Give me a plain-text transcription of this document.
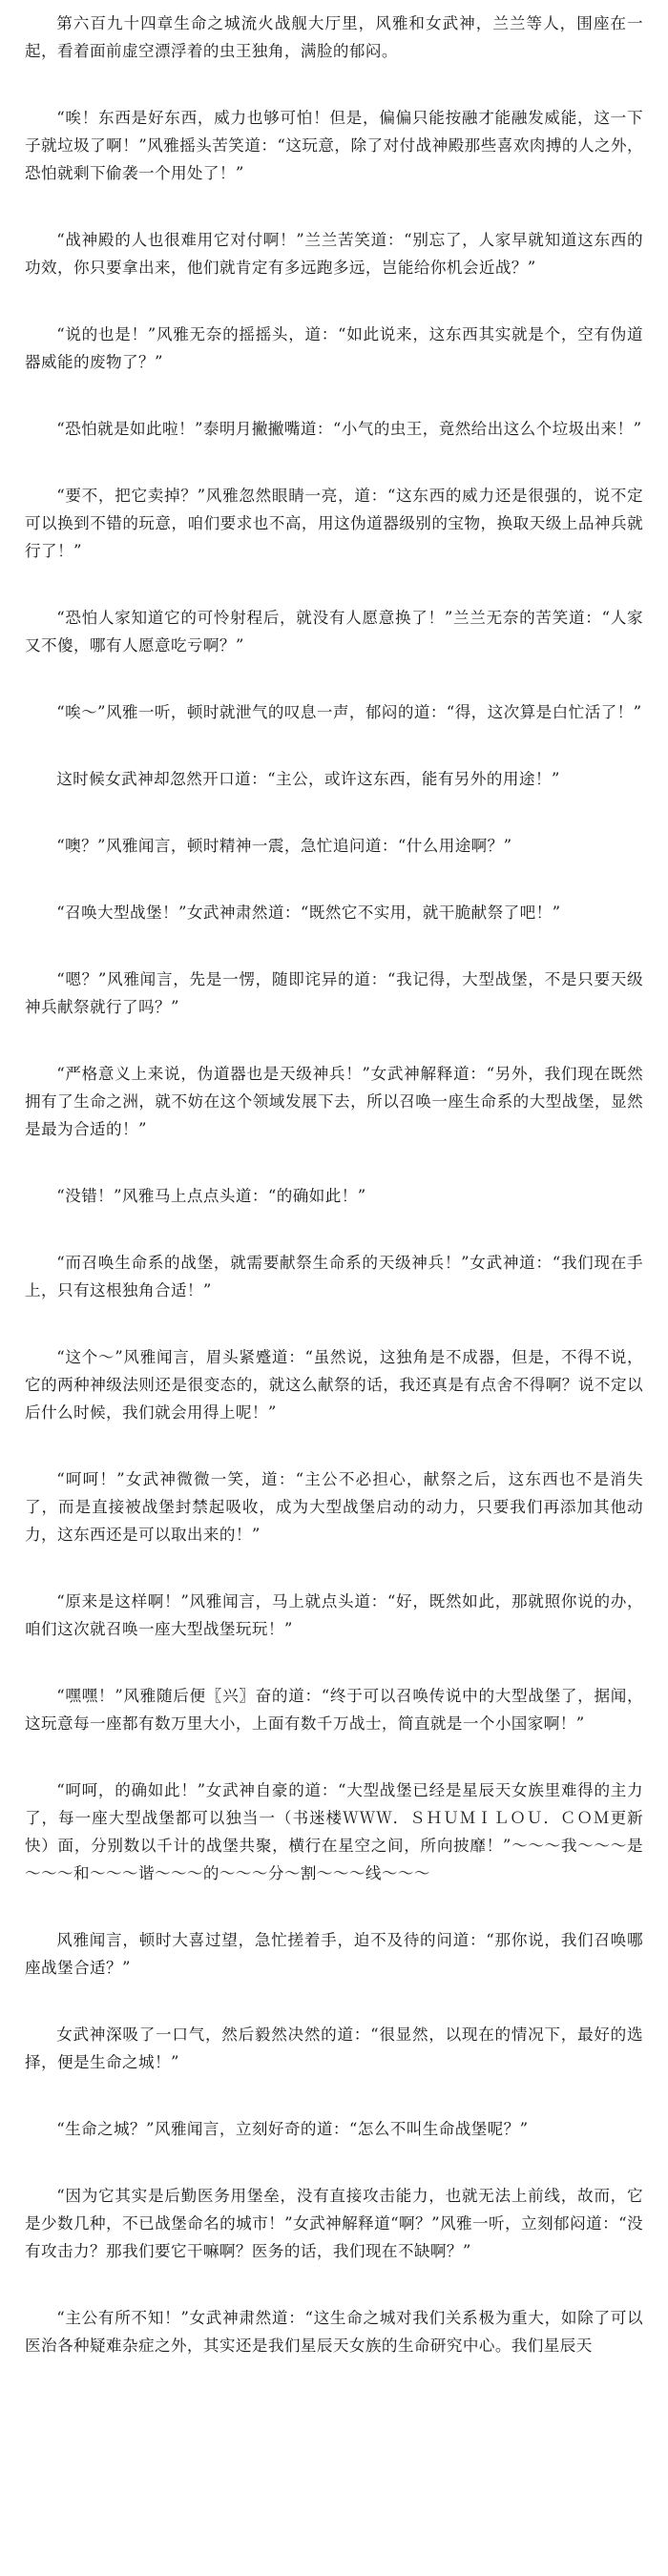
第六百九十四章生命之城流火战舰大厅里，风雅和女武神，兰兰等人，围座在一起，看着面前虚空漂浮着的虫王独角，满脸的郁闷。

“唉！东西是好东西，威力也够可怕！但是，偏偏只能按融才能融发威能，这一下子就垃圾了啊！”风雅摇头苦笑道：“这玩意，除了对付战神殿那些喜欢肉搏的人之外，恐怕就剩下偷袭一个用处了！”

“战神殿的人也很难用它对付啊！”兰兰苦笑道：“别忘了，人家早就知道这东西的功效，你只要拿出来，他们就肯定有多远跑多远，岂能给你机会近战？”

“说的也是！”风雅无奈的摇摇头，道：“如此说来，这东西其实就是个，空有伪道器威能的废物了？”

“恐怕就是如此啦！”泰明月撇撇嘴道：“小气的虫王，竟然给出这么个垃圾出来！”

“要不，把它卖掉？”风雅忽然眼睛一亮，道：“这东西的威力还是很强的，说不定可以换到不错的玩意，咱们要求也不高，用这伪道器级别的宝物，换取天级上品神兵就行了！”

“恐怕人家知道它的可怜射程后，就没有人愿意换了！”兰兰无奈的苦笑道：“人家又不傻，哪有人愿意吃亏啊？”

“唉～”风雅一听，顿时就泄气的叹息一声，郁闷的道：“得，这次算是白忙活了！”

这时候女武神却忽然开口道：“主公，或许这东西，能有另外的用途！”

“噢？”风雅闻言，顿时精神一震，急忙追问道：“什么用途啊？”

“召唤大型战堡！”女武神肃然道：“既然它不实用，就干脆献祭了吧！”

“嗯？”风雅闻言，先是一愣，随即诧异的道：“我记得，大型战堡，不是只要天级神兵献祭就行了吗？”

“严格意义上来说，伪道器也是天级神兵！”女武神解释道：“另外，我们现在既然拥有了生命之洲，就不妨在这个领域发展下去，所以召唤一座生命系的大型战堡，显然是最为合适的！”

“没错！”风雅马上点点头道：“的确如此！”

“而召唤生命系的战堡，就需要献祭生命系的天级神兵！”女武神道：“我们现在手上，只有这根独角合适！”

“这个～”风雅闻言，眉头紧蹙道：“虽然说，这独角是不成器，但是，不得不说，它的两种神级法则还是很变态的，就这么献祭的话，我还真是有点舍不得啊？说不定以后什么时候，我们就会用得上呢！”

“呵呵！”女武神微微一笑，道：“主公不必担心，献祭之后，这东西也不是消失了，而是直接被战堡封禁起吸收，成为大型战堡启动的动力，只要我们再添加其他动力，这东西还是可以取出来的！”

“原来是这样啊！”风雅闻言，马上就点头道：“好，既然如此，那就照你说的办，咱们这次就召唤一座大型战堡玩玩！”

“嘿嘿！”风雅随后便〖兴〗奋的道：“终于可以召唤传说中的大型战堡了，据闻，这玩意每一座都有数万里大小，上面有数千万战士，简直就是一个小国家啊！”

“呵呵，的确如此！”女武神自豪的道：“大型战堡已经是星辰天女族里难得的主力了，每一座大型战堡都可以独当一（书迷楼ＷＷＷ．ＳＨＵＭＩＬＯＵ．ＣＯＭ更新快）面，分别数以千计的战堡共聚，横行在星空之间，所向披靡！”～～～我～～～是～～～和～～～谐～～～的～～～分～割～～～线～～～

风雅闻言，顿时大喜过望，急忙搓着手，迫不及待的问道：“那你说，我们召唤哪座战堡合适？”

女武神深吸了一口气，然后毅然决然的道：“很显然，以现在的情况下，最好的选择，便是生命之城！”

“生命之城？”风雅闻言，立刻好奇的道：“怎么不叫生命战堡呢？”

“因为它其实是后勤医务用堡垒，没有直接攻击能力，也就无法上前线，故而，它是少数几种，不已战堡命名的城市！”女武神解释道“啊？”风雅一听，立刻郁闷道：“没有攻击力？那我们要它干嘛啊？医务的话，我们现在不缺啊？”

“主公有所不知！”女武神肃然道：“这生命之城对我们关系极为重大，如除了可以医治各种疑难杂症之外，其实还是我们星辰天女族的生命研究中心。我们星辰天
